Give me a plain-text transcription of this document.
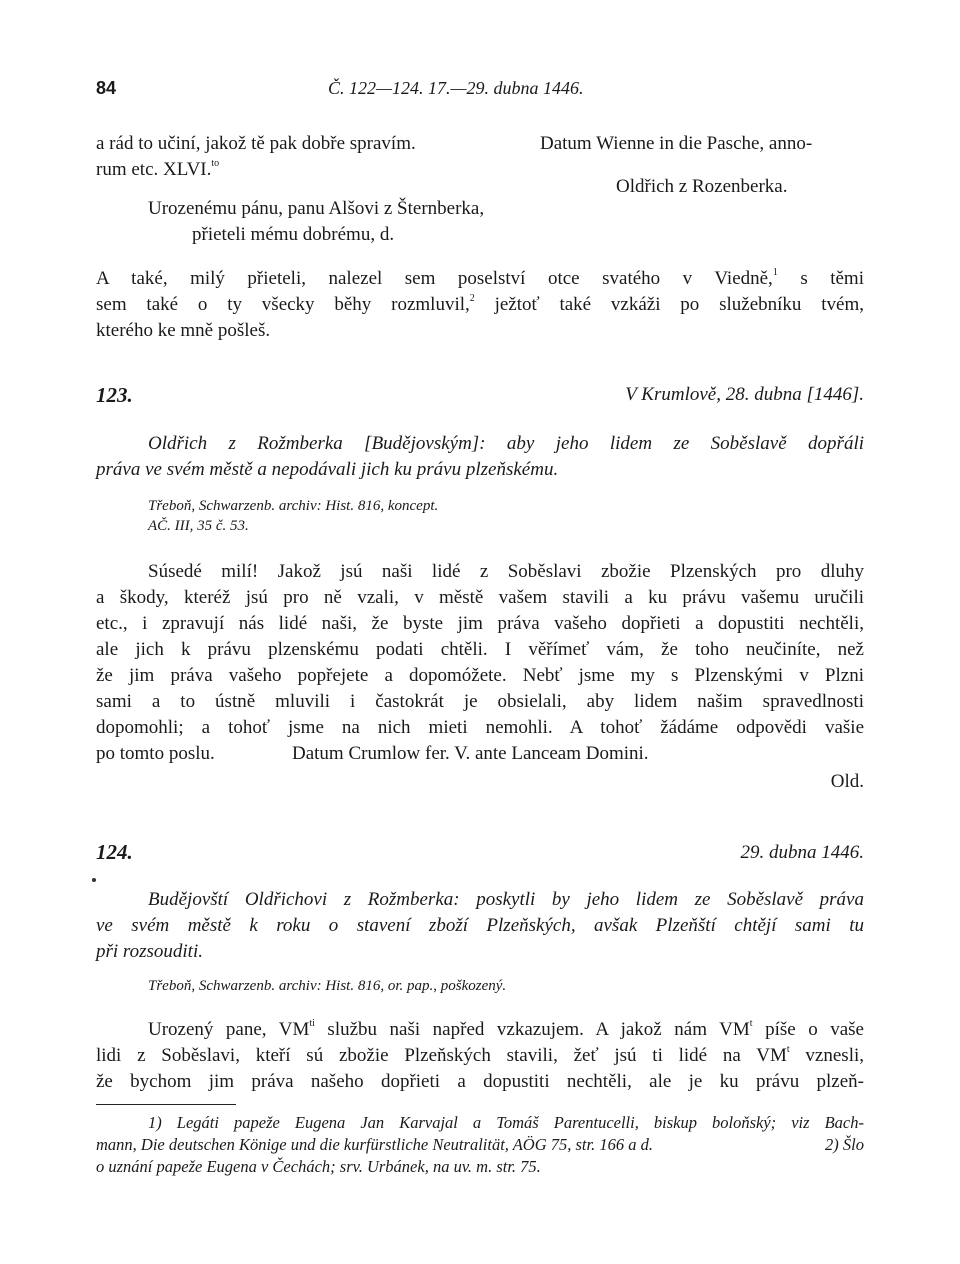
84	Č. 122—124. 17.—29. dubna 1446.
a rád to učiní, jakož tě pak dobře spravím.	Datum Wienne in die Pasche, anno-
rum etc. XLVI.$^{to}$
Oldřich z Rozenberka.
Urozenému pánu, panu Alšovi z Šternberka,
přieteli mému dobrému, d.
A také, milý přieteli, nalezel sem poselství otce svatého v Viedně,$^1$ s těmi
sem také o ty všecky běhy rozmluvil,$^2$ ježtoť také vzkáži po služebníku tvém,
kterého ke mně pošleš.
123.	V Krumlově, 28. dubna [1446].
Oldřich z Rožmberka [Budějovským]: aby jeho lidem ze Soběslavě dopřáli
práva ve svém městě a nepodávali jich ku právu plzeňskému.
Třeboň, Schwarzenb. archiv: Hist. 816, koncept.
AČ. III, 35 č. 53.
Súsedé milí! Jakož jsú naši lidé z Soběslavi zbožie Plzenských pro dluhy
a škody, kteréž jsú pro ně vzali, v městě vašem stavili a ku právu vašemu uručili
etc., i zpravují nás lidé naši, že byste jim práva vašeho dopřieti a dopustiti nechtěli,
ale jich k právu plzenskému podati chtěli. I věřímeť vám, že toho neučiníte, než
že jim práva vašeho popřejete a dopomóžete. Nebť jsme my s Plzenskými v Plzni
sami a to ústně mluvili i častokrát je obsielali, aby lidem našim spravedlnosti
dopomohli; a tohoť jsme na nich mieti nemohli. A tohoť žádáme odpovědi vašie
po tomto poslu.	Datum Crumlow fer. V. ante Lanceam Domini.
Old.
124.	29. dubna 1446.
Budějovští Oldřichovi z Rožmberka: poskytli by jeho lidem ze Soběslavě práva
ve svém městě k roku o stavení zboží Plzeňských, avšak Plzeňští chtějí sami tu
při rozsouditi.
Třeboň, Schwarzenb. archiv: Hist. 816, or. pap., poškozený.
Urozený pane, $VM^{ti}$ službu naši napřed vzkazujem. A jakož nám $VM^t$ píše o vaše
lidi z Soběslavi, kteří sú zbožie Plzeňských stavili, žeť jsú ti lidé na $VM^t$ vznesli,
že bychom jim práva našeho dopřieti a dopustiti nechtěli, ale je ku právu plzeň-
1) Legáti papeže Eugena Jan Karvajal a Tomáš Parentucelli, biskup boloňský; viz Bach-
mann, Die deutschen Könige und die kurfürstliche Neutralität, AÖG 75, str. 166 a d.	2) Šlo
o uznání papeže Eugena v Čechách; srv. Urbánek, na uv. m. str. 75.
